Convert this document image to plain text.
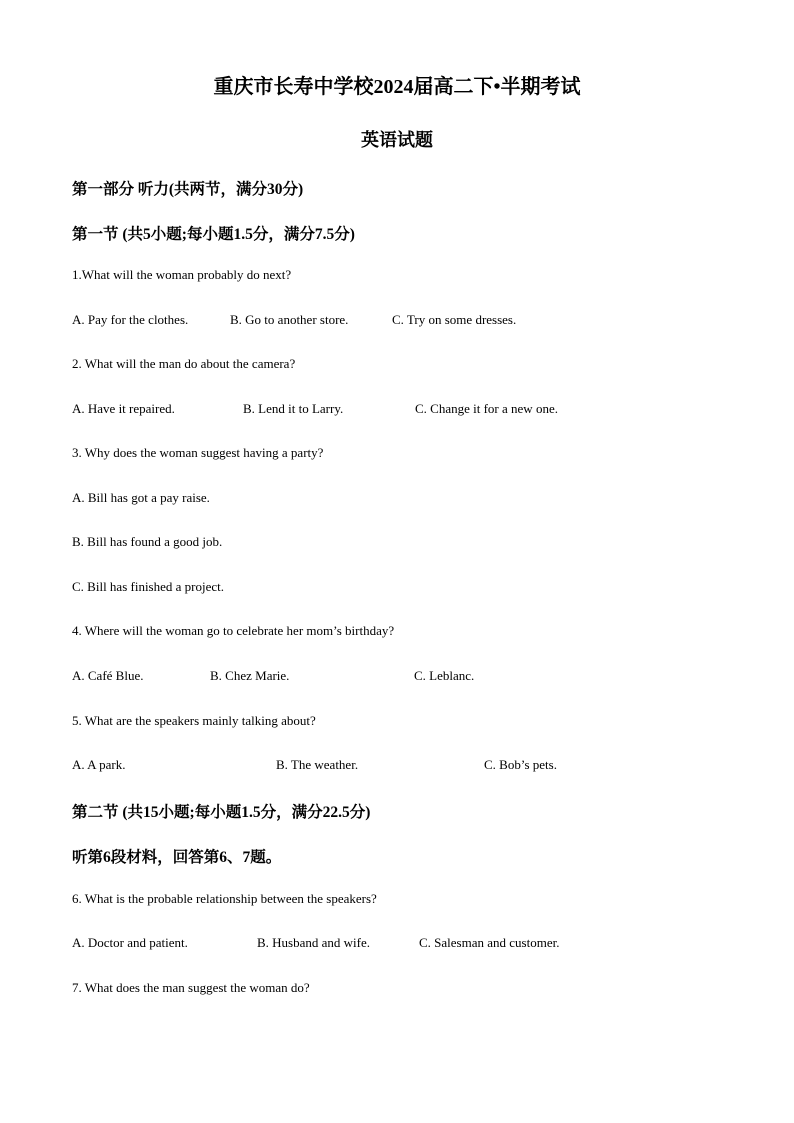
重庆市长寿中学校2024届高二下•半期考试
英语试题
第一部分 听力(共两节，满分30分)
第一节 (共5小题;每小题1.5分，满分7.5分)
1.What will the woman probably do next?
A. Pay for the clothes.	B. Go to another store.	C. Try on some dresses.
2. What will the man do about the camera?
A. Have it repaired.	B. Lend it to Larry.	C. Change it for a new one.
3. Why does the woman suggest having a party?
A. Bill has got a pay raise.
B. Bill has found a good job.
C. Bill has finished a project.
4. Where will the woman go to celebrate her mom’s birthday?
A. Café Blue.	B. Chez Marie.	C. Leblanc.
5. What are the speakers mainly talking about?
A. A park.	B. The weather.	C. Bob’s pets.
第二节 (共15小题;每小题1.5分，满分22.5分)
听第6段材料，回答第6、7题。
6. What is the probable relationship between the speakers?
A. Doctor and patient.	B. Husband and wife.	C. Salesman and customer.
7. What does the man suggest the woman do?
